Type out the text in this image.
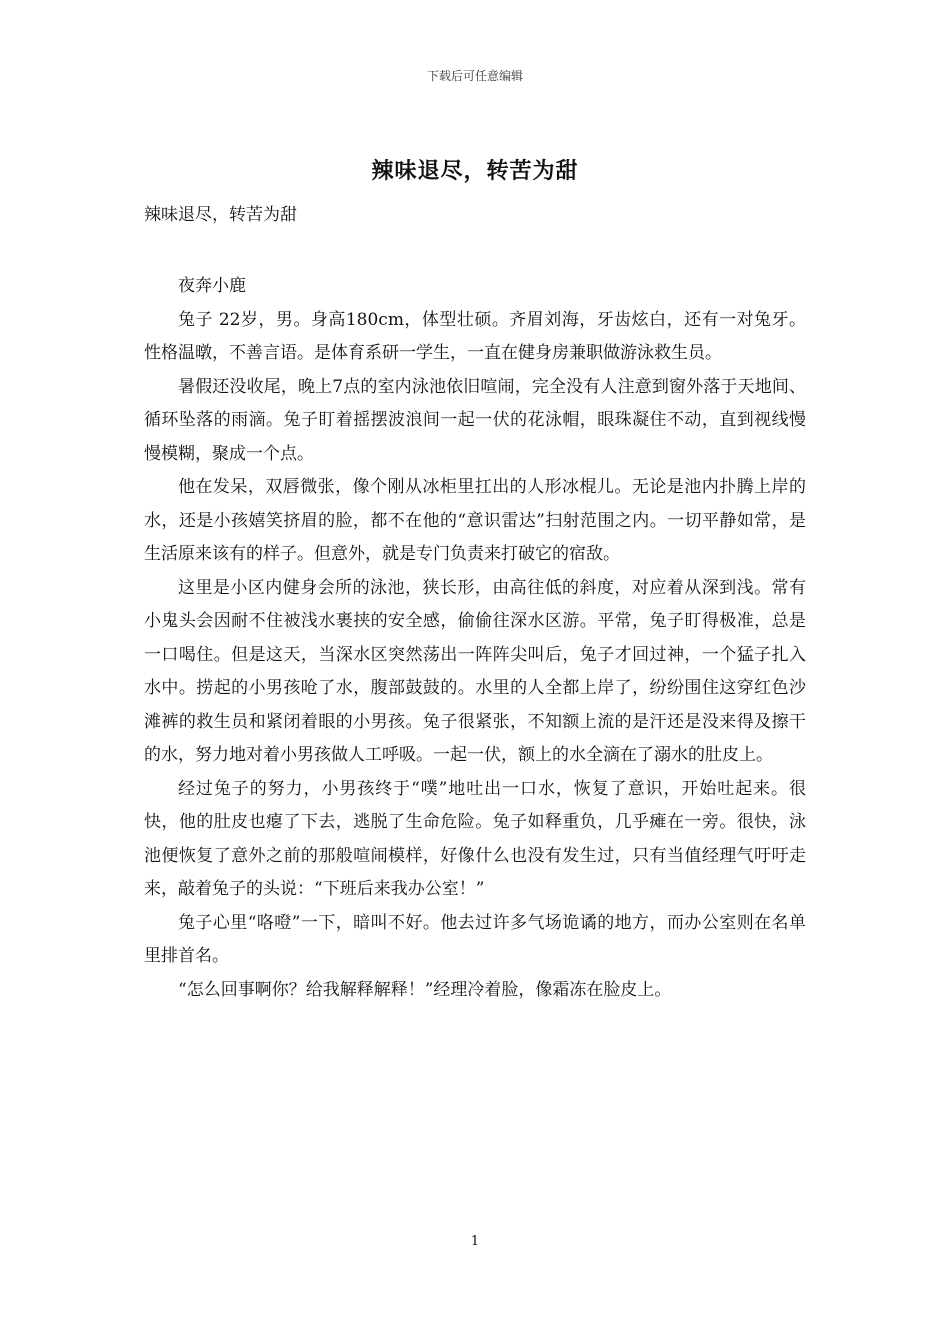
下载后可任意编辑
辣味退尽，转苦为甜
辣味退尽，转苦为甜

夜奔小鹿

兔子 22岁，男。身高180cm，体型壮硕。齐眉刘海，牙齿炫白，还有一对兔牙。性格温暾，不善言语。是体育系研一学生，一直在健身房兼职做游泳救生员。

暑假还没收尾，晚上7点的室内泳池依旧喧闹，完全没有人注意到窗外落于天地间、循环坠落的雨滴。兔子盯着摇摆波浪间一起一伏的花泳帽，眼珠凝住不动，直到视线慢慢模糊，聚成一个点。

他在发呆，双唇微张，像个刚从冰柜里扛出的人形冰棍儿。无论是池内扑腾上岸的水，还是小孩嬉笑挤眉的脸，都不在他的“意识雷达”扫射范围之内。一切平静如常，是生活原来该有的样子。但意外，就是专门负责来打破它的宿敌。

这里是小区内健身会所的泳池，狭长形，由高往低的斜度，对应着从深到浅。常有小鬼头会因耐不住被浅水裹挟的安全感，偷偷往深水区游。平常，兔子盯得极准，总是一口喝住。但是这天，当深水区突然荡出一阵阵尖叫后，兔子才回过神，一个猛子扎入水中。捞起的小男孩呛了水，腹部鼓鼓的。水里的人全都上岸了，纷纷围住这穿红色沙滩裤的救生员和紧闭着眼的小男孩。兔子很紧张，不知额上流的是汗还是没来得及擦干的水，努力地对着小男孩做人工呼吸。一起一伏，额上的水全滴在了溺水的肚皮上。

经过兔子的努力，小男孩终于“噗”地吐出一口水，恢复了意识，开始吐起来。很快，他的肚皮也瘪了下去，逃脱了生命危险。兔子如释重负，几乎瘫在一旁。很快，泳池便恢复了意外之前的那般喧闹模样，好像什么也没有发生过，只有当值经理气吁吁走来，敲着兔子的头说：“下班后来我办公室！”

兔子心里“咯噔”一下，暗叫不好。他去过许多气场诡谲的地方，而办公室则在名单里排首名。

“怎么回事啊你？给我解释解释！”经理冷着脸，像霜冻在脸皮上。

1
